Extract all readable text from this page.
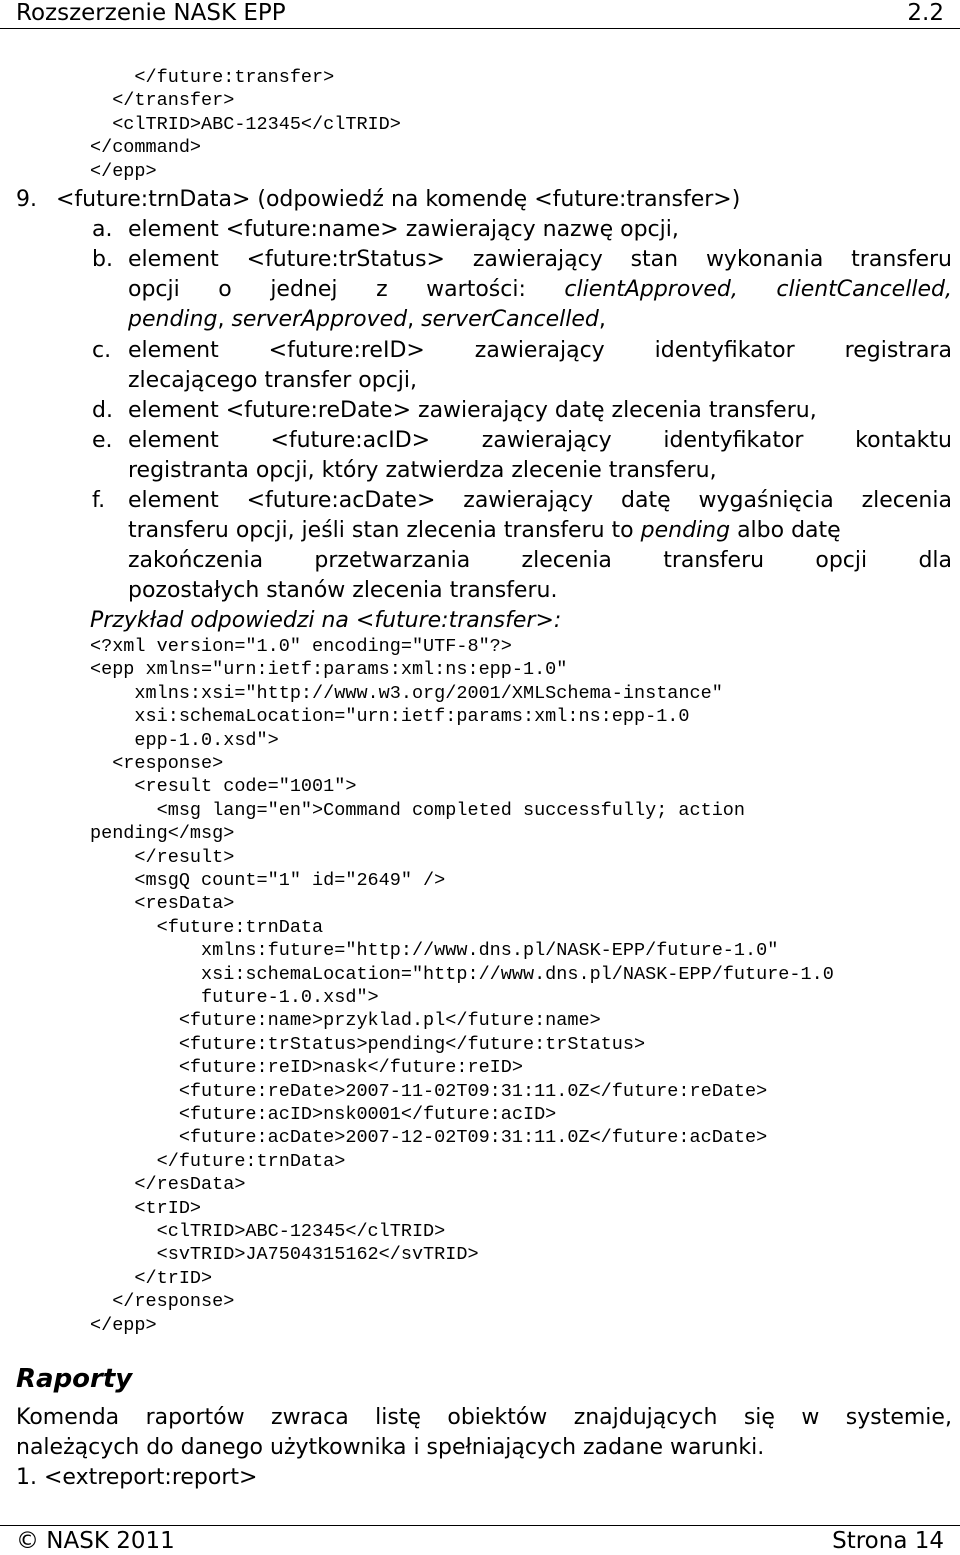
Rozszerzenie NASK EPP	2.2
</future:transfer>
</transfer>
<clTRID>ABC-12345</clTRID>
</command>
</epp>
9. <future:trnData> (odpowiedź na komendę <future:transfer>)
a. element <future:name> zawierający nazwę opcji,
b. element <future:trStatus> zawierający stan wykonania transferu
opcji o jednej z wartości: clientApproved, clientCancelled,
pending, serverApproved, serverCancelled,
c. element <future:reID> zawierający identyfikator registrara
zlecającego transfer opcji,
d. element <future:reDate> zawierający datę zlecenia transferu,
e. element <future:acID> zawierający identyfikator kontaktu
registranta opcji, który zatwierdza zlecenie transferu,
f. element <future:acDate> zawierający datę wygaśnięcia zlecenia
transferu opcji, jeśli stan zlecenia transferu to pending albo datę
zakończenia przetwarzania zlecenia transferu opcji dla
pozostałych stanów zlecenia transferu.
Przykład odpowiedzi na <future:transfer>:
<?xml version="1.0" encoding="UTF-8"?>
<epp xmlns="urn:ietf:params:xml:ns:epp-1.0"
xmlns:xsi="http://www.w3.org/2001/XMLSchema-instance"
xsi:schemaLocation="urn:ietf:params:xml:ns:epp-1.0
epp-1.0.xsd">
<response>
<result code="1001">
<msg lang="en">Command completed successfully; action
pending</msg>
</result>
<msgQ count="1" id="2649" />
<resData>
<future:trnData
xmlns:future="http://www.dns.pl/NASK-EPP/future-1.0"
xsi:schemaLocation="http://www.dns.pl/NASK-EPP/future-1.0
future-1.0.xsd">
<future:name>przyklad.pl</future:name>
<future:trStatus>pending</future:trStatus>
<future:reID>nask</future:reID>
<future:reDate>2007-11-02T09:31:11.0Z</future:reDate>
<future:acID>nsk0001</future:acID>
<future:acDate>2007-12-02T09:31:11.0Z</future:acDate>
</future:trnData>
</resData>
<trID>
<clTRID>ABC-12345</clTRID>
<svTRID>JA7504315162</svTRID>
</trID>
</response>
</epp>
Raporty
Komenda raportów zwraca listę obiektów znajdujących się w systemie,
należących do danego użytkownika i spełniających zadane warunki.
1. <extreport:report>
© NASK 2011	Strona 14
